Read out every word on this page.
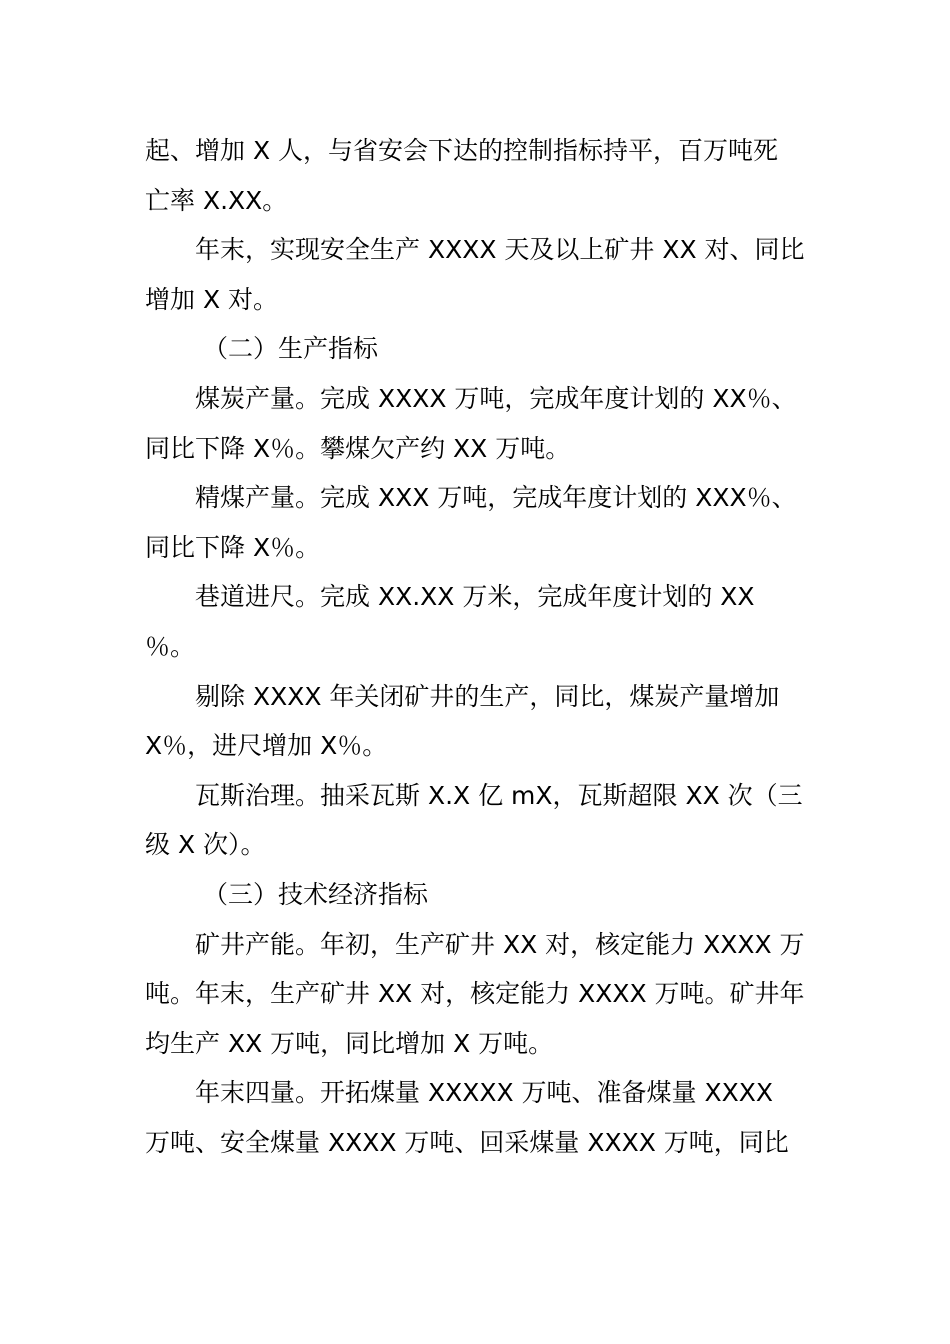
起、增加 X 人，与省安会下达的控制指标持平，百万吨死
亡率 X.XX。
年末，实现安全生产 XXXX 天及以上矿井 XX 对、同比
增加 X 对。
（二）生产指标
煤炭产量。完成 XXXX 万吨，完成年度计划的 XX％、
同比下降 X％。攀煤欠产约 XX 万吨。
精煤产量。完成 XXX 万吨，完成年度计划的 XXX％、
同比下降 X％。
巷道进尺。完成 XX.XX 万米，完成年度计划的 XX
％。
剔除 XXXX 年关闭矿井的生产，同比，煤炭产量增加
X％，进尺增加 X％。
瓦斯治理。抽采瓦斯 X.X 亿 mX，瓦斯超限 XX 次（三
级 X 次）。
（三）技术经济指标
矿井产能。年初，生产矿井 XX 对，核定能力 XXXX 万
吨。年末，生产矿井 XX 对，核定能力 XXXX 万吨。矿井年
均生产 XX 万吨，同比增加 X 万吨。
年末四量。开拓煤量 XXXXX 万吨、准备煤量 XXXX
万吨、安全煤量 XXXX 万吨、回采煤量 XXXX 万吨，同比
